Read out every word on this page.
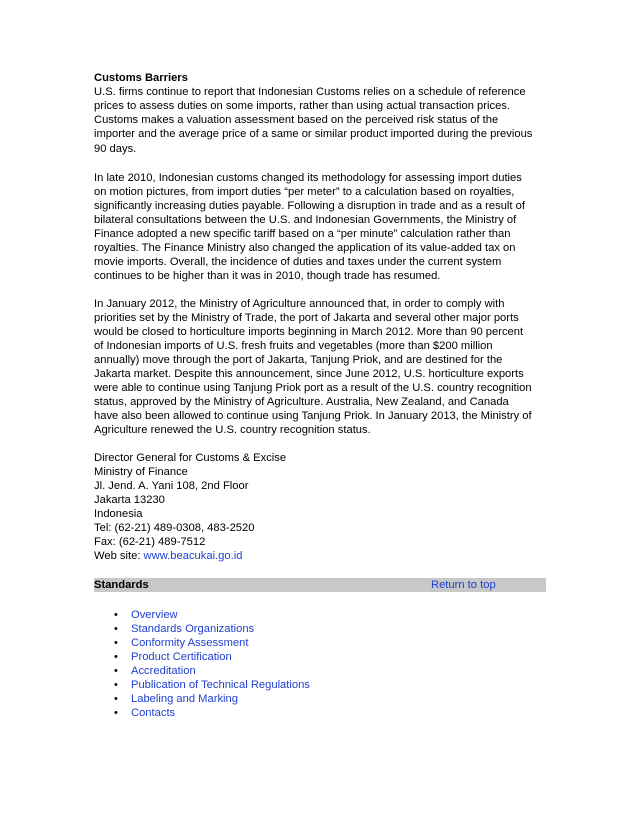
Customs Barriers

U.S. firms continue to report that Indonesian Customs relies on a schedule of reference
prices to assess duties on some imports, rather than using actual transaction prices.
Customs makes a valuation assessment based on the perceived risk status of the
importer and the average price of a same or similar product imported during the previous
90 days.

In late 2010, Indonesian customs changed its methodology for assessing import duties
on motion pictures, from import duties “per meter” to a calculation based on royalties,
significantly increasing duties payable. Following a disruption in trade and as a result of
bilateral consultations between the U.S. and Indonesian Governments, the Ministry of
Finance adopted a new specific tariff based on a “per minute” calculation rather than
royalties. The Finance Ministry also changed the application of its value-added tax on
movie imports. Overall, the incidence of duties and taxes under the current system
continues to be higher than it was in 2010, though trade has resumed.

In January 2012, the Ministry of Agriculture announced that, in order to comply with
priorities set by the Ministry of Trade, the port of Jakarta and several other major ports
would be closed to horticulture imports beginning in March 2012. More than 90 percent
of Indonesian imports of U.S. fresh fruits and vegetables (more than $200 million
annually) move through the port of Jakarta, Tanjung Priok, and are destined for the
Jakarta market. Despite this announcement, since June 2012, U.S. horticulture exports
were able to continue using Tanjung Priok port as a result of the U.S. country recognition
status, approved by the Ministry of Agriculture. Australia, New Zealand, and Canada
have also been allowed to continue using Tanjung Priok. In January 2013, the Ministry of
Agriculture renewed the U.S. country recognition status.

Director General for Customs & Excise
Ministry of Finance
Jl. Jend. A. Yani 108, 2nd Floor
Jakarta 13230
Indonesia
Tel: (62-21) 489-0308, 483-2520
Fax: (62-21) 489-7512
Web site: www.beacukai.go.id
Standards	Return to top
• Overview
• Standards Organizations
• Conformity Assessment
• Product Certification
• Accreditation
• Publication of Technical Regulations
• Labeling and Marking
• Contacts
